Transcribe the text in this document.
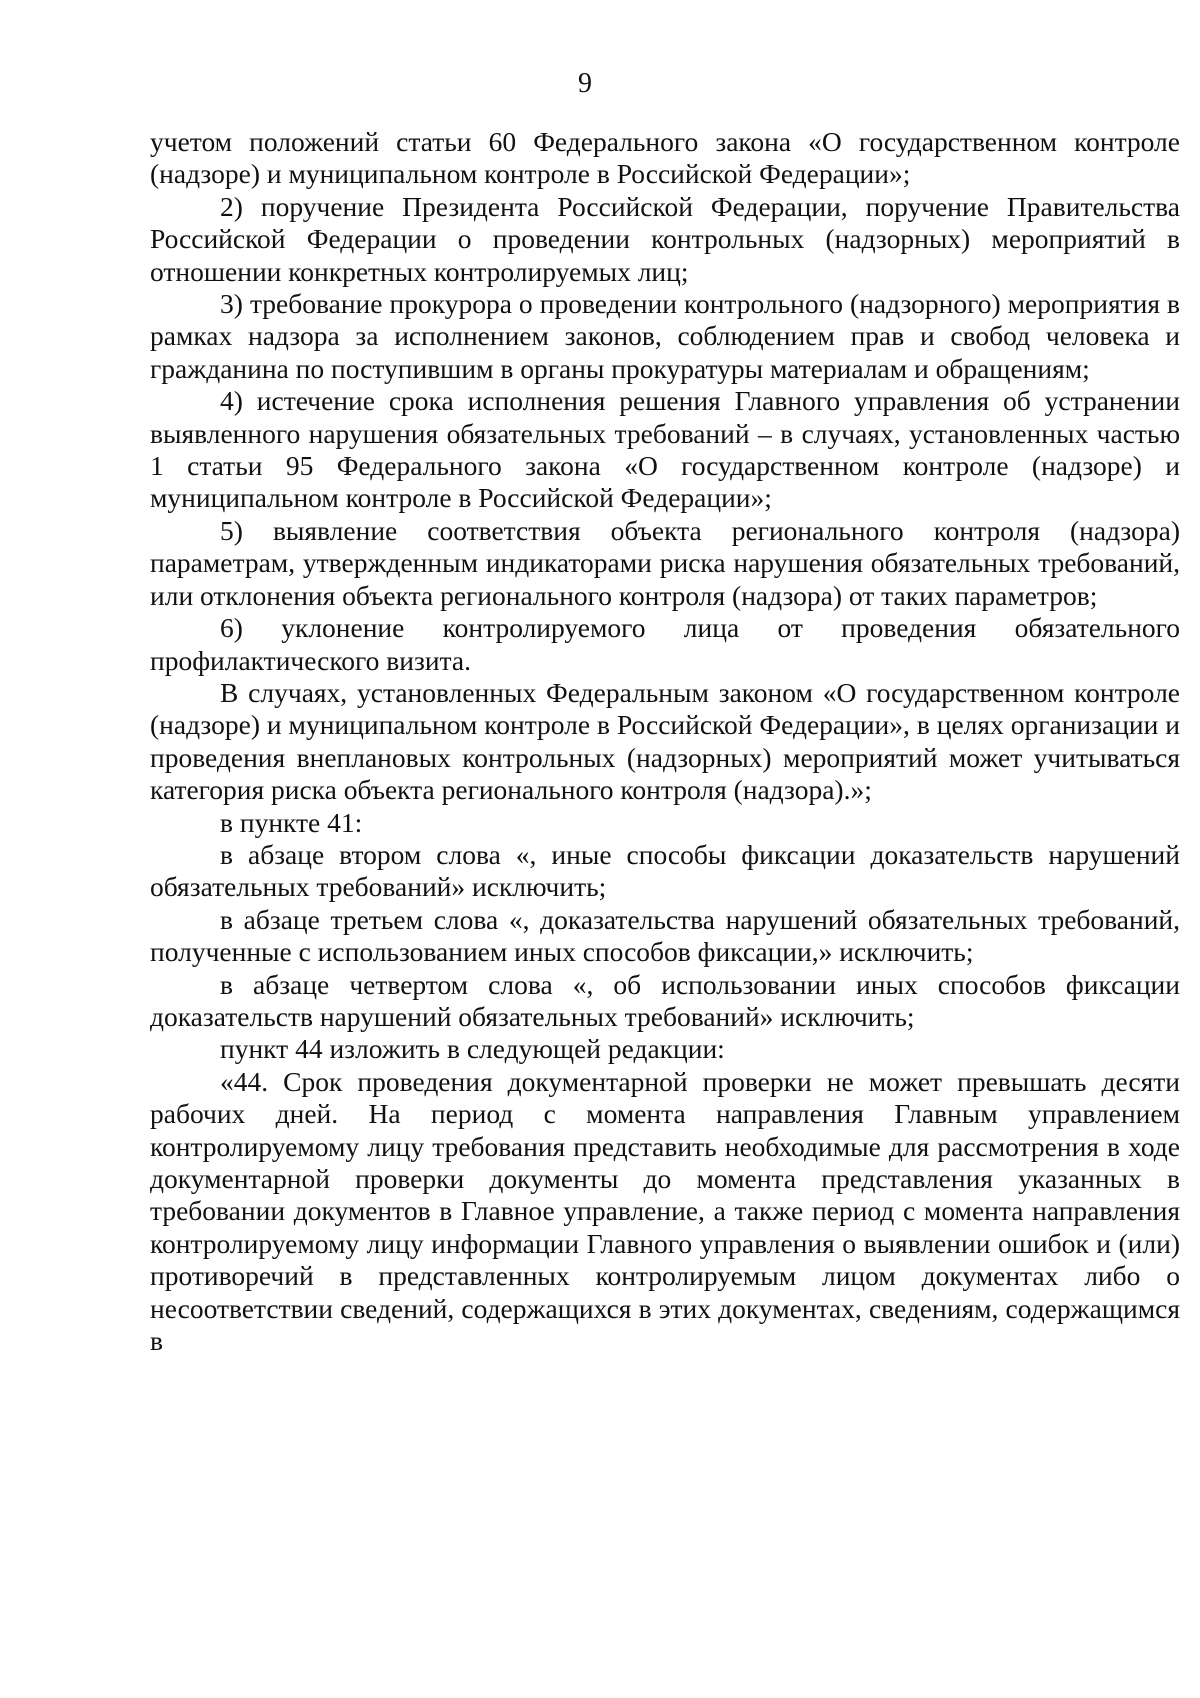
9

учетом положений статьи 60 Федерального закона «О государственном контроле (надзоре) и муниципальном контроле в Российской Федерации»;

2) поручение Президента Российской Федерации, поручение Правительства Российской Федерации о проведении контрольных (надзорных) мероприятий в отношении конкретных контролируемых лиц;

3) требование прокурора о проведении контрольного (надзорного) мероприятия в рамках надзора за исполнением законов, соблюдением прав и свобод человека и гражданина по поступившим в органы прокуратуры материалам и обращениям;

4) истечение срока исполнения решения Главного управления об устранении выявленного нарушения обязательных требований – в случаях, установленных частью 1 статьи 95 Федерального закона «О государственном контроле (надзоре) и муниципальном контроле в Российской Федерации»;

5) выявление соответствия объекта регионального контроля (надзора) параметрам, утвержденным индикаторами риска нарушения обязательных требований, или отклонения объекта регионального контроля (надзора) от таких параметров;

6) уклонение контролируемого лица от проведения обязательного профилактического визита.

В случаях, установленных Федеральным законом «О государственном контроле (надзоре) и муниципальном контроле в Российской Федерации», в целях организации и проведения внеплановых контрольных (надзорных) мероприятий может учитываться категория риска объекта регионального контроля (надзора).»;

в пункте 41:

в абзаце втором слова «, иные способы фиксации доказательств нарушений обязательных требований» исключить;

в абзаце третьем слова «, доказательства нарушений обязательных требований, полученные с использованием иных способов фиксации,» исключить;

в абзаце четвертом слова «, об использовании иных способов фиксации доказательств нарушений обязательных требований» исключить;

пункт 44 изложить в следующей редакции:

«44. Срок проведения документарной проверки не может превышать десяти рабочих дней. На период с момента направления Главным управлением контролируемому лицу требования представить необходимые для рассмотрения в ходе документарной проверки документы до момента представления указанных в требовании документов в Главное управление, а также период с момента направления контролируемому лицу информации Главного управления о выявлении ошибок и (или) противоречий в представленных контролируемым лицом документах либо о несоответствии сведений, содержащихся в этих документах, сведениям, содержащимся в
